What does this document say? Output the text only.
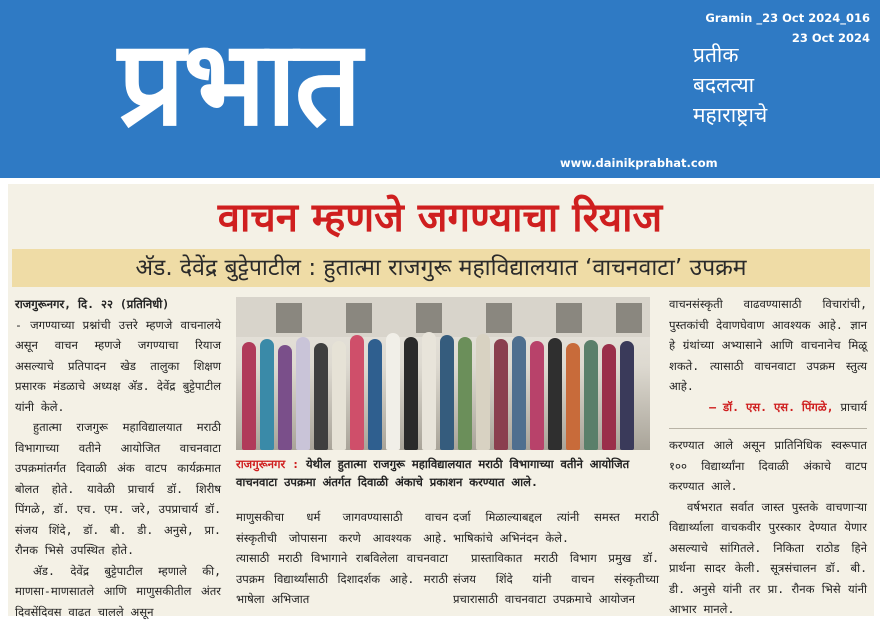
प्रभात	प्रतीक
बदलत्या
महाराष्ट्राचे
www.dainikprabhat.com
Gramin _23 Oct 2024_016
23 Oct 2024
वाचन म्हणजे जगण्याचा रियाज
अ‍ॅड. देवेंद्र बुट्टेपाटील : हुतात्मा राजगुरू महाविद्यालयात ‘वाचनवाटा’ उपक्रम

राजगुरूनगर, दि. २२ (प्रतिनिधी)

- जगण्याच्या प्रश्नांची उत्तरे म्हणजे वाचनालये असून वाचन म्हणजे जगण्याचा रियाज असल्याचे प्रतिपादन खेड तालुका शिक्षण प्रसारक मंडळाचे अध्यक्ष अ‍ॅड. देवेंद्र बुट्टेपाटील यांनी केले.

हुतात्मा राजगुरू महाविद्यालयात मराठी विभागाच्या वतीने आयोजित वाचनवाटा उपक्रमांतर्गत दिवाळी अंक वाटप कार्यक्रमात बोलत होते. यावेळी प्राचार्य डॉ. शिरीष पिंगळे, डॉ. एच. एम. जरे, उपप्राचार्य डॉ. संजय शिंदे, डॉ. बी. डी. अनुसे, प्रा. रौनक भिसे उपस्थित होते.

अ‍ॅड. देवेंद्र बुट्टेपाटील म्हणाले की, माणसा-माणसातले आणि माणुसकीतील अंतर दिवसेंदिवस वाढत चालले असून

राजगुरूनगर : येथील हुतात्मा राजगुरू महाविद्यालयात मराठी विभागाच्या वतीने आयोजित वाचनवाटा उपक्रमा अंतर्गत दिवाळी अंकाचे प्रकाशन करण्यात आले.

माणुसकीचा धर्म जागवण्यासाठी वाचन संस्कृतीची जोपासना करणे आवश्यक आहे. त्यासाठी मराठी विभागाने राबविलेला वाचनवाटा उपक्रम विद्यार्थ्यांसाठी दिशादर्शक आहे. मराठी भाषेला अभिजात

दर्जा मिळाल्याबद्दल त्यांनी समस्त मराठी भाषिकांचे अभिनंदन केले.

प्रास्ताविकात मराठी विभाग प्रमुख डॉ. संजय शिंदे यांनी वाचन संस्कृतीच्या प्रचारासाठी वाचनवाटा उपक्रमाचे आयोजन

वाचनसंस्कृती वाढवण्यासाठी विचारांची, पुस्तकांची देवाणघेवाण आवश्यक आहे. ज्ञान हे ग्रंथांच्या अभ्यासाने आणि वाचनानेच मिळू शकते. त्यासाठी वाचनवाटा उपक्रम स्तुत्य आहे.

– डॉ. एस. एस. पिंगळे, प्राचार्य

करण्यात आले असून प्रातिनिधिक स्वरूपात १०० विद्यार्थ्यांना दिवाळी अंकाचे वाटप करण्यात आले.

वर्षभरात सर्वात जास्त पुस्तके वाचणाऱ्या विद्यार्थ्याला वाचकवीर पुरस्कार देण्यात येणार असल्याचे सांगितले. निकिता राठोड हिने प्रार्थना सादर केली. सूत्रसंचालन डॉ. बी. डी. अनुसे यांनी तर प्रा. रौनक भिसे यांनी आभार मानले.
